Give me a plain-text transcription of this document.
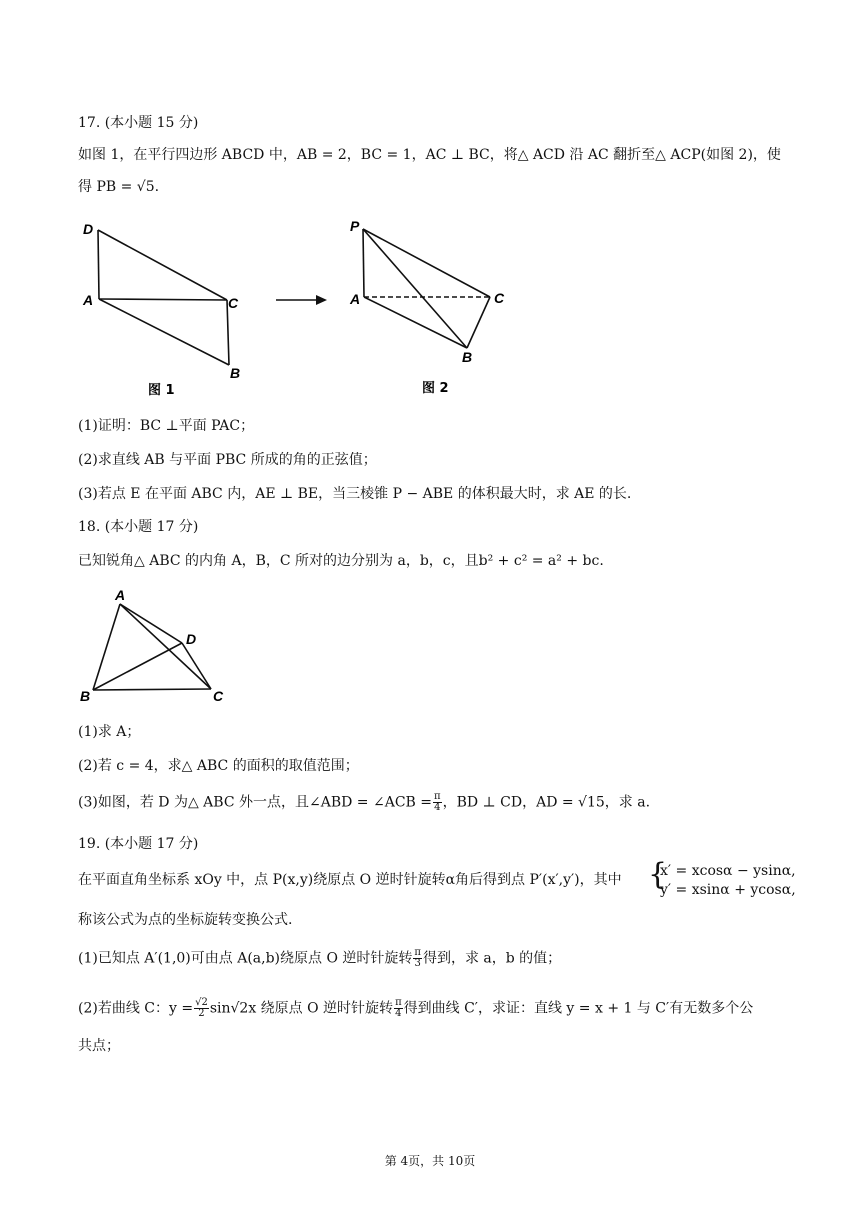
17. (本小题 15 分)
如图 1，在平行四边形 ABCD 中，AB = 2，BC = 1，AC ⊥ BC，将△ ACD 沿 AC 翻折至△ ACP(如图 2)，使
得 PB = √5.
D
A	C
B
图 1
P
A	C
B
图 2
(1)证明：BC ⊥平面 PAC；
(2)求直线 AB 与平面 PBC 所成的角的正弦值；
(3)若点 E 在平面 ABC 内，AE ⊥ BE，当三棱锥 P − ABE 的体积最大时，求 AE 的长.
18. (本小题 17 分)
已知锐角△ ABC 的内角 A，B，C 所对的边分别为 a，b，c，且b² + c² = a² + bc.
A
D
B	C
(1)求 A；
(2)若 c = 4，求△ ABC 的面积的取值范围；
(3)如图，若 D 为△ ABC 外一点，且∠ABD = ∠ACB = $\frac{\pi}{4}$ ，BD ⊥ CD，AD = √15，求 a.
19. (本小题 17 分)
在平面直角坐标系 xOy 中，点 P(x,y)绕原点 O 逆时针旋转α角后得到点 P′(x′,y′)，其中 {
x′ = xcosα − ysinα,
y′ = xsinα + ycosα,
称该公式为点的坐标旋转变换公式.
(1)已知点 A′(1,0)可由点 A(a,b)绕原点 O 逆时针旋转 $\frac{\pi}{3}$ 得到，求 a，b 的值；
(2)若曲线 C：$y = \frac{√2}{2} \sin√2x$ 绕原点 O 逆时针旋转 $\frac{\pi}{4}$ 得到曲线 C′，求证：直线 y = x + 1 与 C′有无数多个公
共点；
第 4页，共 10页
